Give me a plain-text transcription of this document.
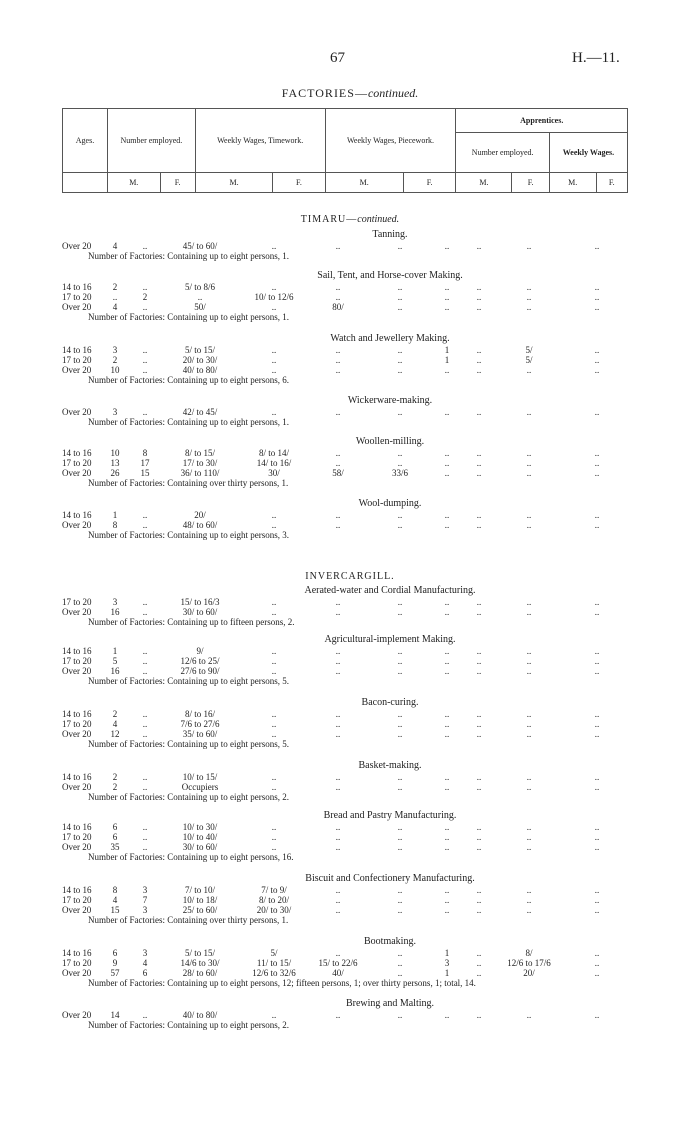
67	H.—11.
FACTORIES—continued.
Ages.	Number employed.		Weekly Wages, Timework.		Weekly Wages, Piecework.		Apprentices.			
							Number employed.		Weekly Wages.	
	M.	F.	M.	F.	M.	F.	M.	F.	M.	F.
TIMARU—continued.
INVERCARGILL.
Tanning.
Over 20	4	..	45/ to 60/	..	..	..	..	..	..	..
Number of Factories: Containing up to eight persons, 1.
Sail, Tent, and Horse-cover Making.
14 to 16	2	..	5/ to 8/6	..	..	..	..	..	..	..
17 to 20	..	2	..	10/ to 12/6	..	..	..	..	..	..
Over 20	4	..	50/	..	80/	..	..	..	..	..
Number of Factories: Containing up to eight persons, 1.
Watch and Jewellery Making.
14 to 16	3	..	5/ to 15/	..	..	..	1	..	5/	..
17 to 20	2	..	20/ to 30/	..	..	..	1	..	5/	..
Over 20	10	..	40/ to 80/	..	..	..	..	..	..	..
Number of Factories: Containing up to eight persons, 6.
Wickerware-making.
Over 20	3	..	42/ to 45/	..	..	..	..	..	..	..
Number of Factories: Containing up to eight persons, 1.
Woollen-milling.
14 to 16	10	8	8/ to 15/	8/ to 14/	..	..	..	..	..	..
17 to 20	13	17	17/ to 30/	14/ to 16/	..	..	..	..	..	..
Over 20	26	15	36/ to 110/	30/	58/	33/6	..	..	..	..
Number of Factories: Containing over thirty persons, 1.
Wool-dumping.
14 to 16	1	..	20/	..	..	..	..	..	..	..
Over 20	8	..	48/ to 60/	..	..	..	..	..	..	..
Number of Factories: Containing up to eight persons, 3.
Aerated-water and Cordial Manufacturing.
17 to 20	3	..	15/ to 16/3	..	..	..	..	..	..	..
Over 20	16	..	30/ to 60/	..	..	..	..	..	..	..
Number of Factories: Containing up to fifteen persons, 2.
Agricultural-implement Making.
14 to 16	1	..	9/	..	..	..	..	..	..	..
17 to 20	5	..	12/6 to 25/	..	..	..	..	..	..	..
Over 20	16	..	27/6 to 90/	..	..	..	..	..	..	..
Number of Factories: Containing up to eight persons, 5.
Bacon-curing.
14 to 16	2	..	8/ to 16/	..	..	..	..	..	..	..
17 to 20	4	..	7/6 to 27/6	..	..	..	..	..	..	..
Over 20	12	..	35/ to 60/	..	..	..	..	..	..	..
Number of Factories: Containing up to eight persons, 5.
Basket-making.
14 to 16	2	..	10/ to 15/	..	..	..	..	..	..	..
Over 20	2	..	Occupiers	..	..	..	..	..	..	..
Number of Factories: Containing up to eight persons, 2.
Bread and Pastry Manufacturing.
14 to 16	6	..	10/ to 30/	..	..	..	..	..	..	..
17 to 20	6	..	10/ to 40/	..	..	..	..	..	..	..
Over 20	35	..	30/ to 60/	..	..	..	..	..	..	..
Number of Factories: Containing up to eight persons, 16.
Biscuit and Confectionery Manufacturing.
14 to 16	8	3	7/ to 10/	7/ to 9/	..	..	..	..	..	..
17 to 20	4	7	10/ to 18/	8/ to 20/	..	..	..	..	..	..
Over 20	15	3	25/ to 60/	20/ to 30/	..	..	..	..	..	..
Number of Factories: Containing over thirty persons, 1.
Bootmaking.
14 to 16	6	3	5/ to 15/	5/	..	..	1	..	8/	..
17 to 20	9	4	14/6 to 30/	11/ to 15/	15/ to 22/6	..	3	..	12/6 to 17/6	..
Over 20	57	6	28/ to 60/	12/6 to 32/6	40/	..	1	..	20/	..
Number of Factories: Containing up to eight persons, 12; fifteen persons, 1; over thirty persons, 1; total, 14.
Brewing and Malting.
Over 20	14	..	40/ to 80/	..	..	..	..	..	..	..
Number of Factories: Containing up to eight persons, 2.
